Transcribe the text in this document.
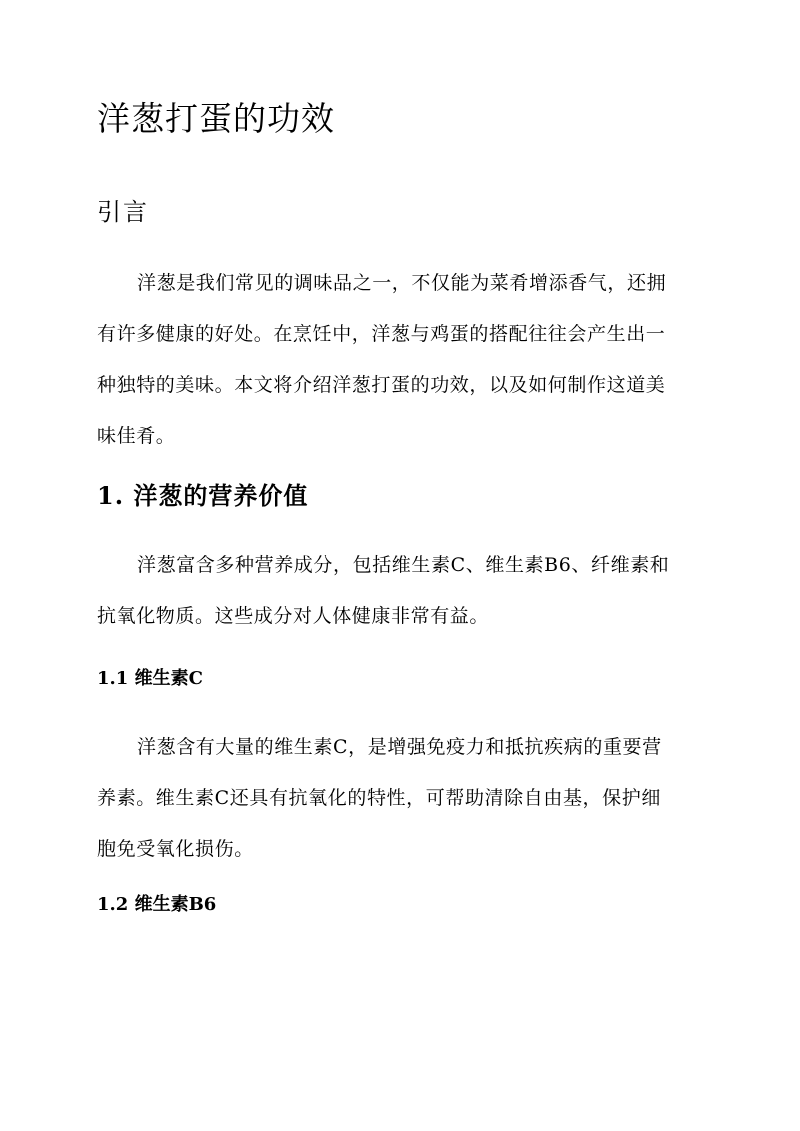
洋葱打蛋的功效
引言

洋葱是我们常见的调味品之一，不仅能为菜肴增添香气，还拥
有许多健康的好处。在烹饪中，洋葱与鸡蛋的搭配往往会产生出一
种独特的美味。本文将介绍洋葱打蛋的功效，以及如何制作这道美
味佳肴。

1. 洋葱的营养价值

洋葱富含多种营养成分，包括维生素C、维生素B6、纤维素和
抗氧化物质。这些成分对人体健康非常有益。

1.1 维生素C

洋葱含有大量的维生素C，是增强免疫力和抵抗疾病的重要营
养素。维生素C还具有抗氧化的特性，可帮助清除自由基，保护细
胞免受氧化损伤。

1.2 维生素B6
